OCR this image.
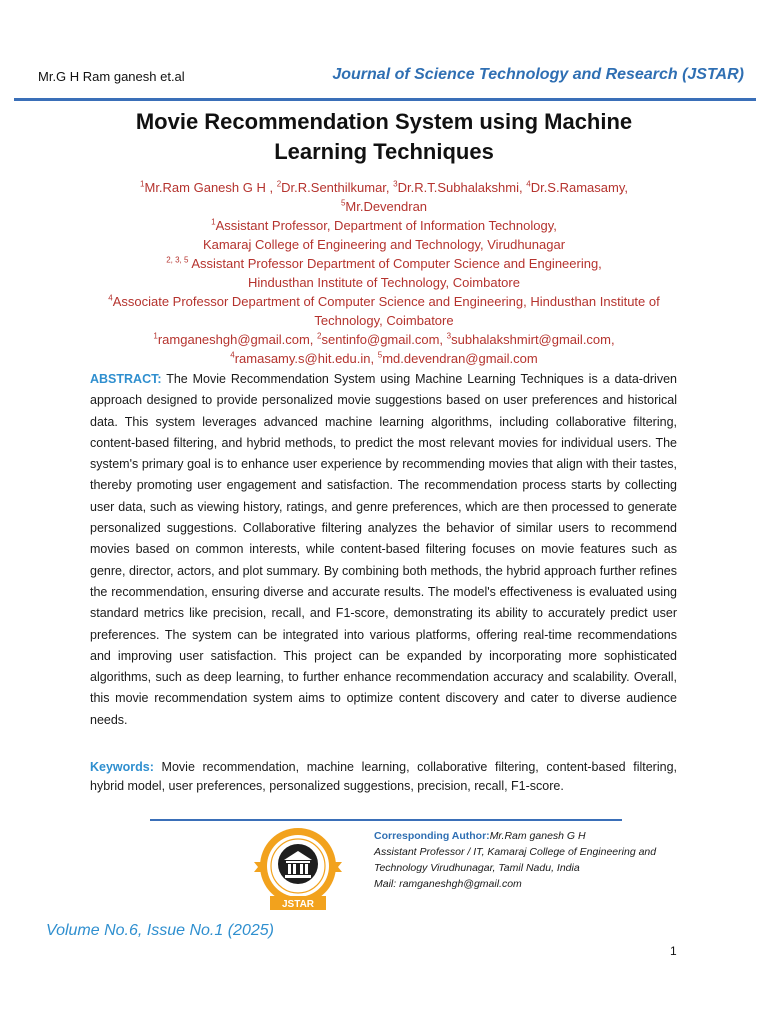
Mr.G H Ram ganesh et.al	Journal of Science Technology and Research (JSTAR)
Movie Recommendation System using Machine
Learning Techniques
$^1$Mr.Ram Ganesh G H , $^2$Dr.R.Senthilkumar, $^3$Dr.R.T.Subhalakshmi, $^4$Dr.S.Ramasamy,
$^5$Mr.Devendran
$^1$Assistant Professor, Department of Information Technology,
Kamaraj College of Engineering and Technology, Virudhunagar
$^{2, 3, 5}$ Assistant Professor Department of Computer Science and Engineering,
Hindusthan Institute of Technology, Coimbatore
$^4$Associate Professor Department of Computer Science and Engineering, Hindusthan Institute of
Technology, Coimbatore
$^1$ramganeshgh@gmail.com, $^2$sentinfo@gmail.com, $^3$subhalakshmirt@gmail.com,
$^4$ramasamy.s@hit.edu.in, $^5$md.devendran@gmail.com
ABSTRACT: The Movie Recommendation System using Machine Learning Techniques is a data-driven approach designed to provide personalized movie suggestions based on user preferences and historical data. This system leverages advanced machine learning algorithms, including collaborative filtering, content-based filtering, and hybrid methods, to predict the most relevant movies for individual users. The system's primary goal is to enhance user experience by recommending movies that align with their tastes, thereby promoting user engagement and satisfaction. The recommendation process starts by collecting user data, such as viewing history, ratings, and genre preferences, which are then processed to generate personalized suggestions. Collaborative filtering analyzes the behavior of similar users to recommend movies based on common interests, while content-based filtering focuses on movie features such as genre, director, actors, and plot summary. By combining both methods, the hybrid approach further refines the recommendation, ensuring diverse and accurate results. The model's effectiveness is evaluated using standard metrics like precision, recall, and F1-score, demonstrating its ability to accurately predict user preferences. The system can be integrated into various platforms, offering real-time recommendations and improving user satisfaction. This project can be expanded by incorporating more sophisticated algorithms, such as deep learning, to further enhance recommendation accuracy and scalability. Overall, this movie recommendation system aims to optimize content discovery and cater to diverse audience needs.
Keywords: Movie recommendation, machine learning, collaborative filtering, content-based filtering, hybrid model, user preferences, personalized suggestions, precision, recall, F1-score.
JSTAR
Corresponding Author:Mr.Ram ganesh G H
Assistant Professor / IT, Kamaraj College of Engineering and
Technology Virudhunagar, Tamil Nadu, India
Mail: ramganeshgh@gmail.com
Volume No.6, Issue No.1 (2025)
1
